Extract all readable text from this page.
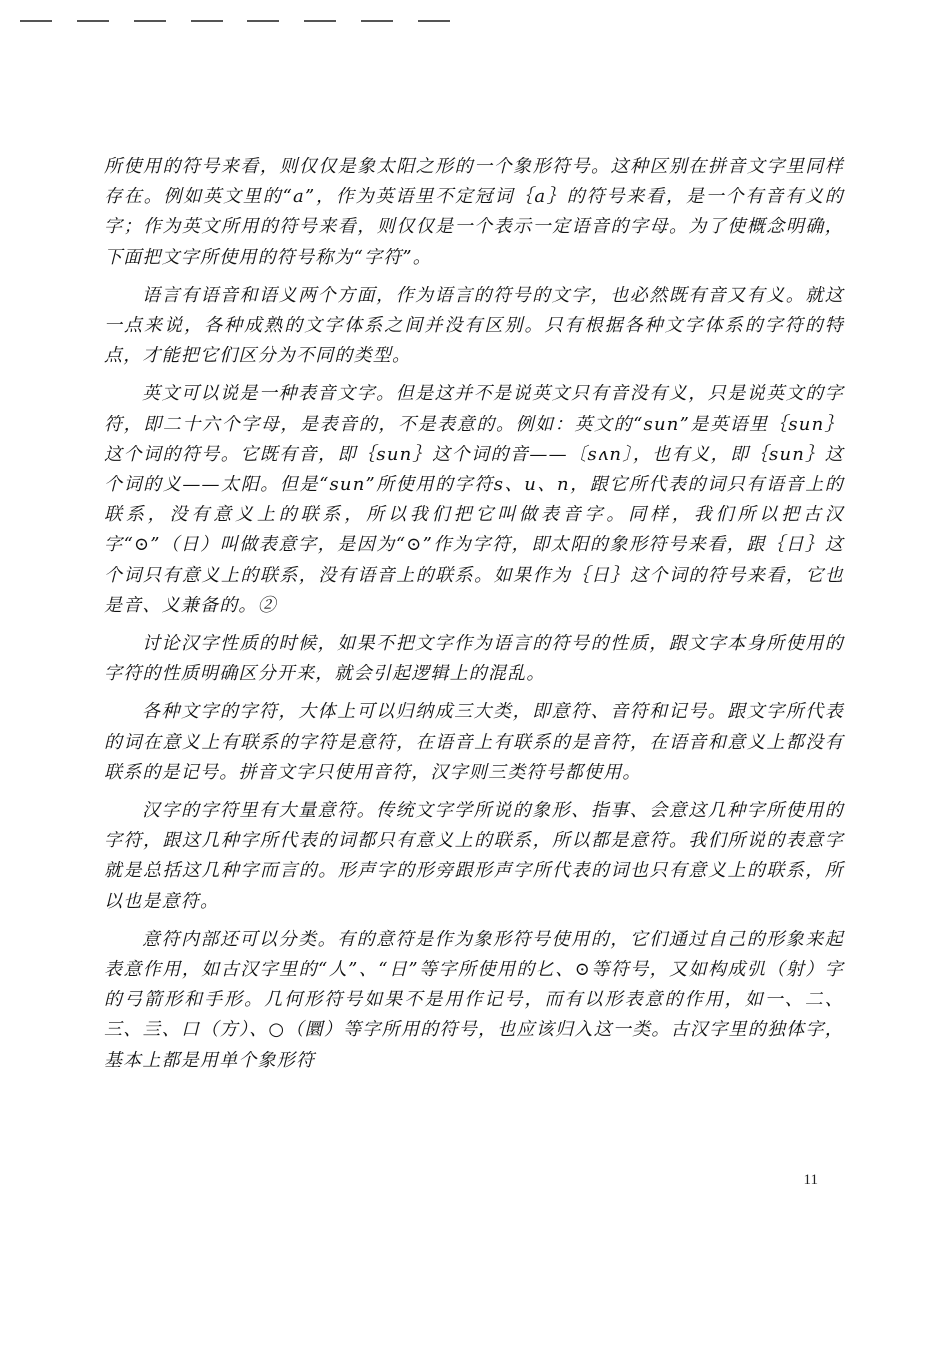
所使用的符号来看，则仅仅是象太阳之形的一个象形符号。这种区别在拼音文字里同样存在。例如英文里的“a”，作为英语里不定冠词｛a｝的符号来看，是一个有音有义的字；作为英文所用的符号来看，则仅仅是一个表示一定语音的字母。为了使概念明确，下面把文字所使用的符号称为“字符”。

语言有语音和语义两个方面，作为语言的符号的文字，也必然既有音又有义。就这一点来说，各种成熟的文字体系之间并没有区别。只有根据各种文字体系的字符的特点，才能把它们区分为不同的类型。

英文可以说是一种表音文字。但是这并不是说英文只有音没有义，只是说英文的字符，即二十六个字母，是表音的，不是表意的。例如：英文的“sun”是英语里｛sun｝这个词的符号。它既有音，即｛sun｝这个词的音——〔sʌn〕，也有义，即｛sun｝这个词的义——太阳。但是“sun”所使用的字符s、u、n，跟它所代表的词只有语音上的联系，没有意义上的联系，所以我们把它叫做表音字。同样，我们所以把古汉字“⊙”（日）叫做表意字，是因为“⊙”作为字符，即太阳的象形符号来看，跟｛日｝这个词只有意义上的联系，没有语音上的联系。如果作为｛日｝这个词的符号来看，它也是音、义兼备的。②

讨论汉字性质的时候，如果不把文字作为语言的符号的性质，跟文字本身所使用的字符的性质明确区分开来，就会引起逻辑上的混乱。

各种文字的字符，大体上可以归纳成三大类，即意符、音符和记号。跟文字所代表的词在意义上有联系的字符是意符，在语音上有联系的是音符，在语音和意义上都没有联系的是记号。拼音文字只使用音符，汉字则三类符号都使用。

汉字的字符里有大量意符。传统文字学所说的象形、指事、会意这几种字所使用的字符，跟这几种字所代表的词都只有意义上的联系，所以都是意符。我们所说的表意字就是总括这几种字而言的。形声字的形旁跟形声字所代表的词也只有意义上的联系，所以也是意符。

意符内部还可以分类。有的意符是作为象形符号使用的，它们通过自己的形象来起表意作用，如古汉字里的“人”、“日”等字所使用的𠤎、⊙等符号，又如构成𢎪（射）字的弓箭形和手形。几何形符号如果不是用作记号，而有以形表意的作用，如一、二、三、亖、口（方）、○（圜）等字所用的符号，也应该归入这一类。古汉字里的独体字，基本上都是用单个象形符

11
